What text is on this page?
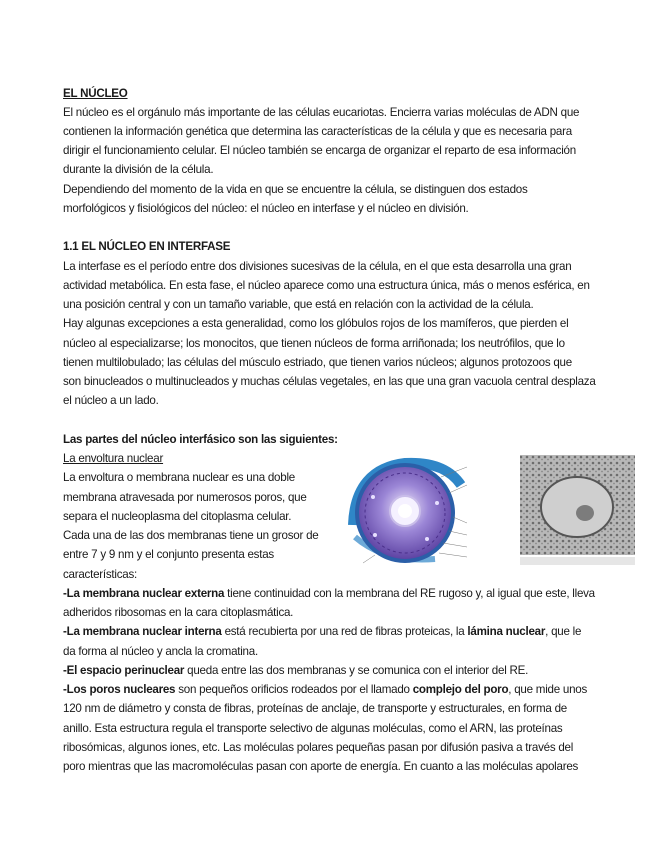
EL NÚCLEO
El núcleo es el orgánulo más importante de las células eucariotas. Encierra varias moléculas de ADN que
contienen la información genética que determina las características de la célula y que es necesaria para
dirigir el funcionamiento celular. El núcleo también se encarga de organizar el reparto de esa información
durante la división de la célula.
Dependiendo del momento de la vida en que se encuentre la célula, se distinguen dos estados
morfológicos y fisiológicos del núcleo: el núcleo en interfase y el núcleo en división.
1.1 EL NÚCLEO EN INTERFASE
La interfase es el período entre dos divisiones sucesivas de la célula, en el que esta desarrolla una gran
actividad metabólica. En esta fase, el núcleo aparece como una estructura única, más o menos esférica, en
una posición central y con un tamaño variable, que está en relación con la actividad de la célula.
Hay algunas excepciones a esta generalidad, como los glóbulos rojos de los mamíferos, que pierden el
núcleo al especializarse; los monocitos, que tienen núcleos de forma arriñonada; los neutrófilos, que lo
tienen multilobulado; las células del músculo estriado, que tienen varios núcleos; algunos protozoos que
son binucleados o multinucleados y muchas células vegetales, en las que una gran vacuola central desplaza
el núcleo a un lado.
Las partes del núcleo interfásico son las siguientes:
La envoltura nuclear
La envoltura o membrana nuclear es una doble
membrana atravesada por numerosos poros, que
separa el nucleoplasma del citoplasma celular.
Cada una de las dos membranas tiene un grosor de
entre 7 y 9 nm y el conjunto presenta estas
características:
-La membrana nuclear externa tiene continuidad con la membrana del RE rugoso y, al igual que este, lleva
adheridos ribosomas en la cara citoplasmática.
-La membrana nuclear interna está recubierta por una red de fibras proteicas, la lámina nuclear, que le
da forma al núcleo y ancla la cromatina.
-El espacio perinuclear queda entre las dos membranas y se comunica con el interior del RE.
-Los poros nucleares son pequeños orificios rodeados por el llamado complejo del poro, que mide unos
120 nm de diámetro y consta de fibras, proteínas de anclaje, de transporte y estructurales, en forma de
anillo. Esta estructura regula el transporte selectivo de algunas moléculas, como el ARN, las proteínas
ribosómicas, algunos iones, etc. Las moléculas polares pequeñas pasan por difusión pasiva a través del
poro mientras que las macromoléculas pasan con aporte de energía. En cuanto a las moléculas apolares
